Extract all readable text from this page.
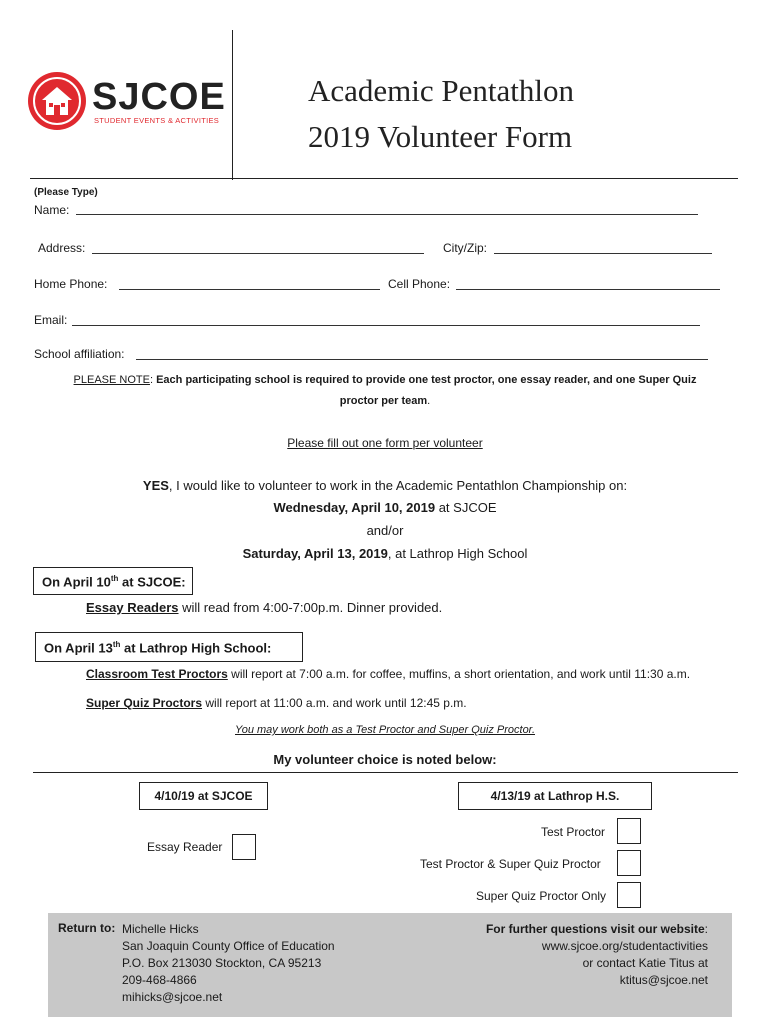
SJCOE
STUDENT EVENTS & ACTIVITIES
Academic Pentathlon
2019 Volunteer Form
(Please Type)
Name:
Address:	City/Zip:
Home Phone:	Cell Phone:
Email:
School affiliation:
PLEASE NOTE: Each participating school is required to provide one test proctor, one essay reader, and one Super Quiz
proctor per team.
Please fill out one form per volunteer
YES, I would like to volunteer to work in the Academic Pentathlon Championship on:
Wednesday, April 10, 2019 at SJCOE
and/or
Saturday, April 13, 2019, at Lathrop High School
On April 10th at SJCOE:
Essay Readers will read from 4:00-7:00p.m. Dinner provided.
On April 13th at Lathrop High School:
Classroom Test Proctors will report at 7:00 a.m. for coffee, muffins, a short orientation, and work until 11:30 a.m.
Super Quiz Proctors will report at 11:00 a.m. and work until 12:45 p.m.
You may work both as a Test Proctor and Super Quiz Proctor.
My volunteer choice is noted below:
4/10/19 at SJCOE	4/13/19 at Lathrop H.S.
Essay Reader
Test Proctor
Test Proctor & Super Quiz Proctor
Super Quiz Proctor Only
Return to: Michelle Hicks
San Joaquin County Office of Education
P.O. Box 213030 Stockton, CA 95213
209-468-4866
mihicks@sjcoe.net
For further questions visit our website:
www.sjcoe.org/studentactivities
or contact Katie Titus at
ktitus@sjcoe.net
